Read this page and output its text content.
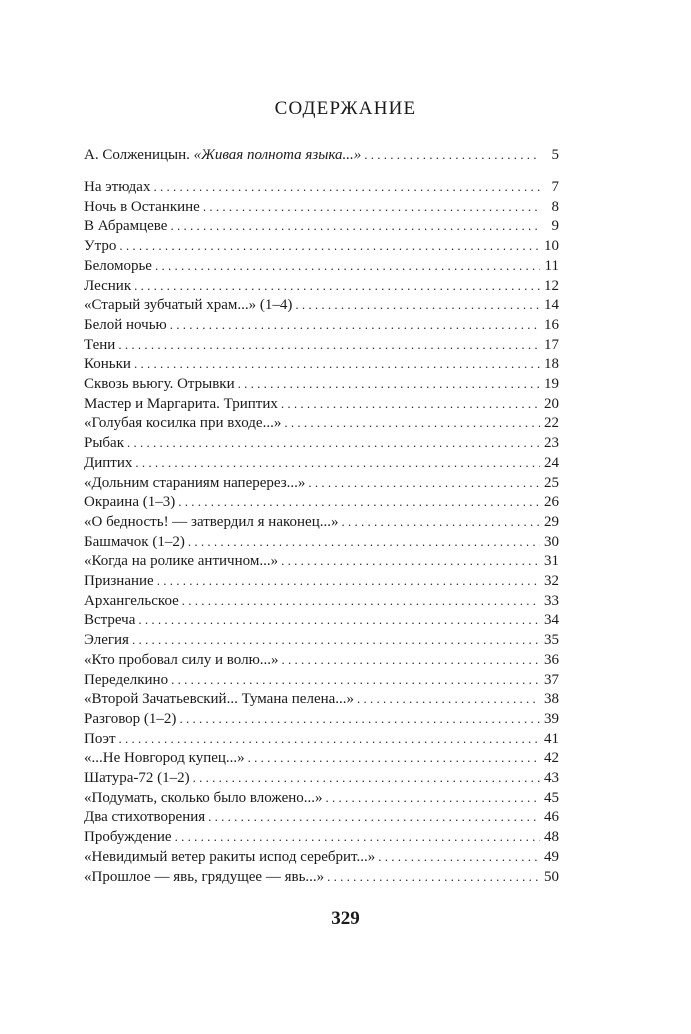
СОДЕРЖАНИЕ
А. Солженицын. «Живая полнота языка...» . . .	5
На этюдах . . .	7
Ночь в Останкине . . .	8
В Абрамцеве . . .	9
Утро . . .	10
Беломорье . . .	11
Лесник . . .	12
«Старый зубчатый храм...» (1–4) . . .	14
Белой ночью . . .	16
Тени . . .	17
Коньки . . .	18
Сквозь вьюгу. Отрывки . . .	19
Мастер и Маргарита. Триптих . . .	20
«Голубая косилка при входе...» . . .	22
Рыбак . . .	23
Диптих . . .	24
«Дольним стараниям наперерез...» . . .	25
Окраина (1–3) . . .	26
«О бедность! — затвердил я наконец...» . . .	29
Башмачок (1–2) . . .	30
«Когда на ролике античном...» . . .	31
Признание . . .	32
Архангельское . . .	33
Встреча . . .	34
Элегия . . .	35
«Кто пробовал силу и волю...» . . .	36
Переделкино . . .	37
«Второй Зачатьевский... Тумана пелена...» . . .	38
Разговор (1–2) . . .	39
Поэт . . .	41
«...Не Новгород купец...» . . .	42
Шатура-72 (1–2) . . .	43
«Подумать, сколько было вложено...» . . .	45
Два стихотворения . . .	46
Пробуждение . . .	48
«Невидимый ветер ракиты испод серебрит...» . . .	49
«Прошлое — явь, грядущее — явь...» . . .	50
329
